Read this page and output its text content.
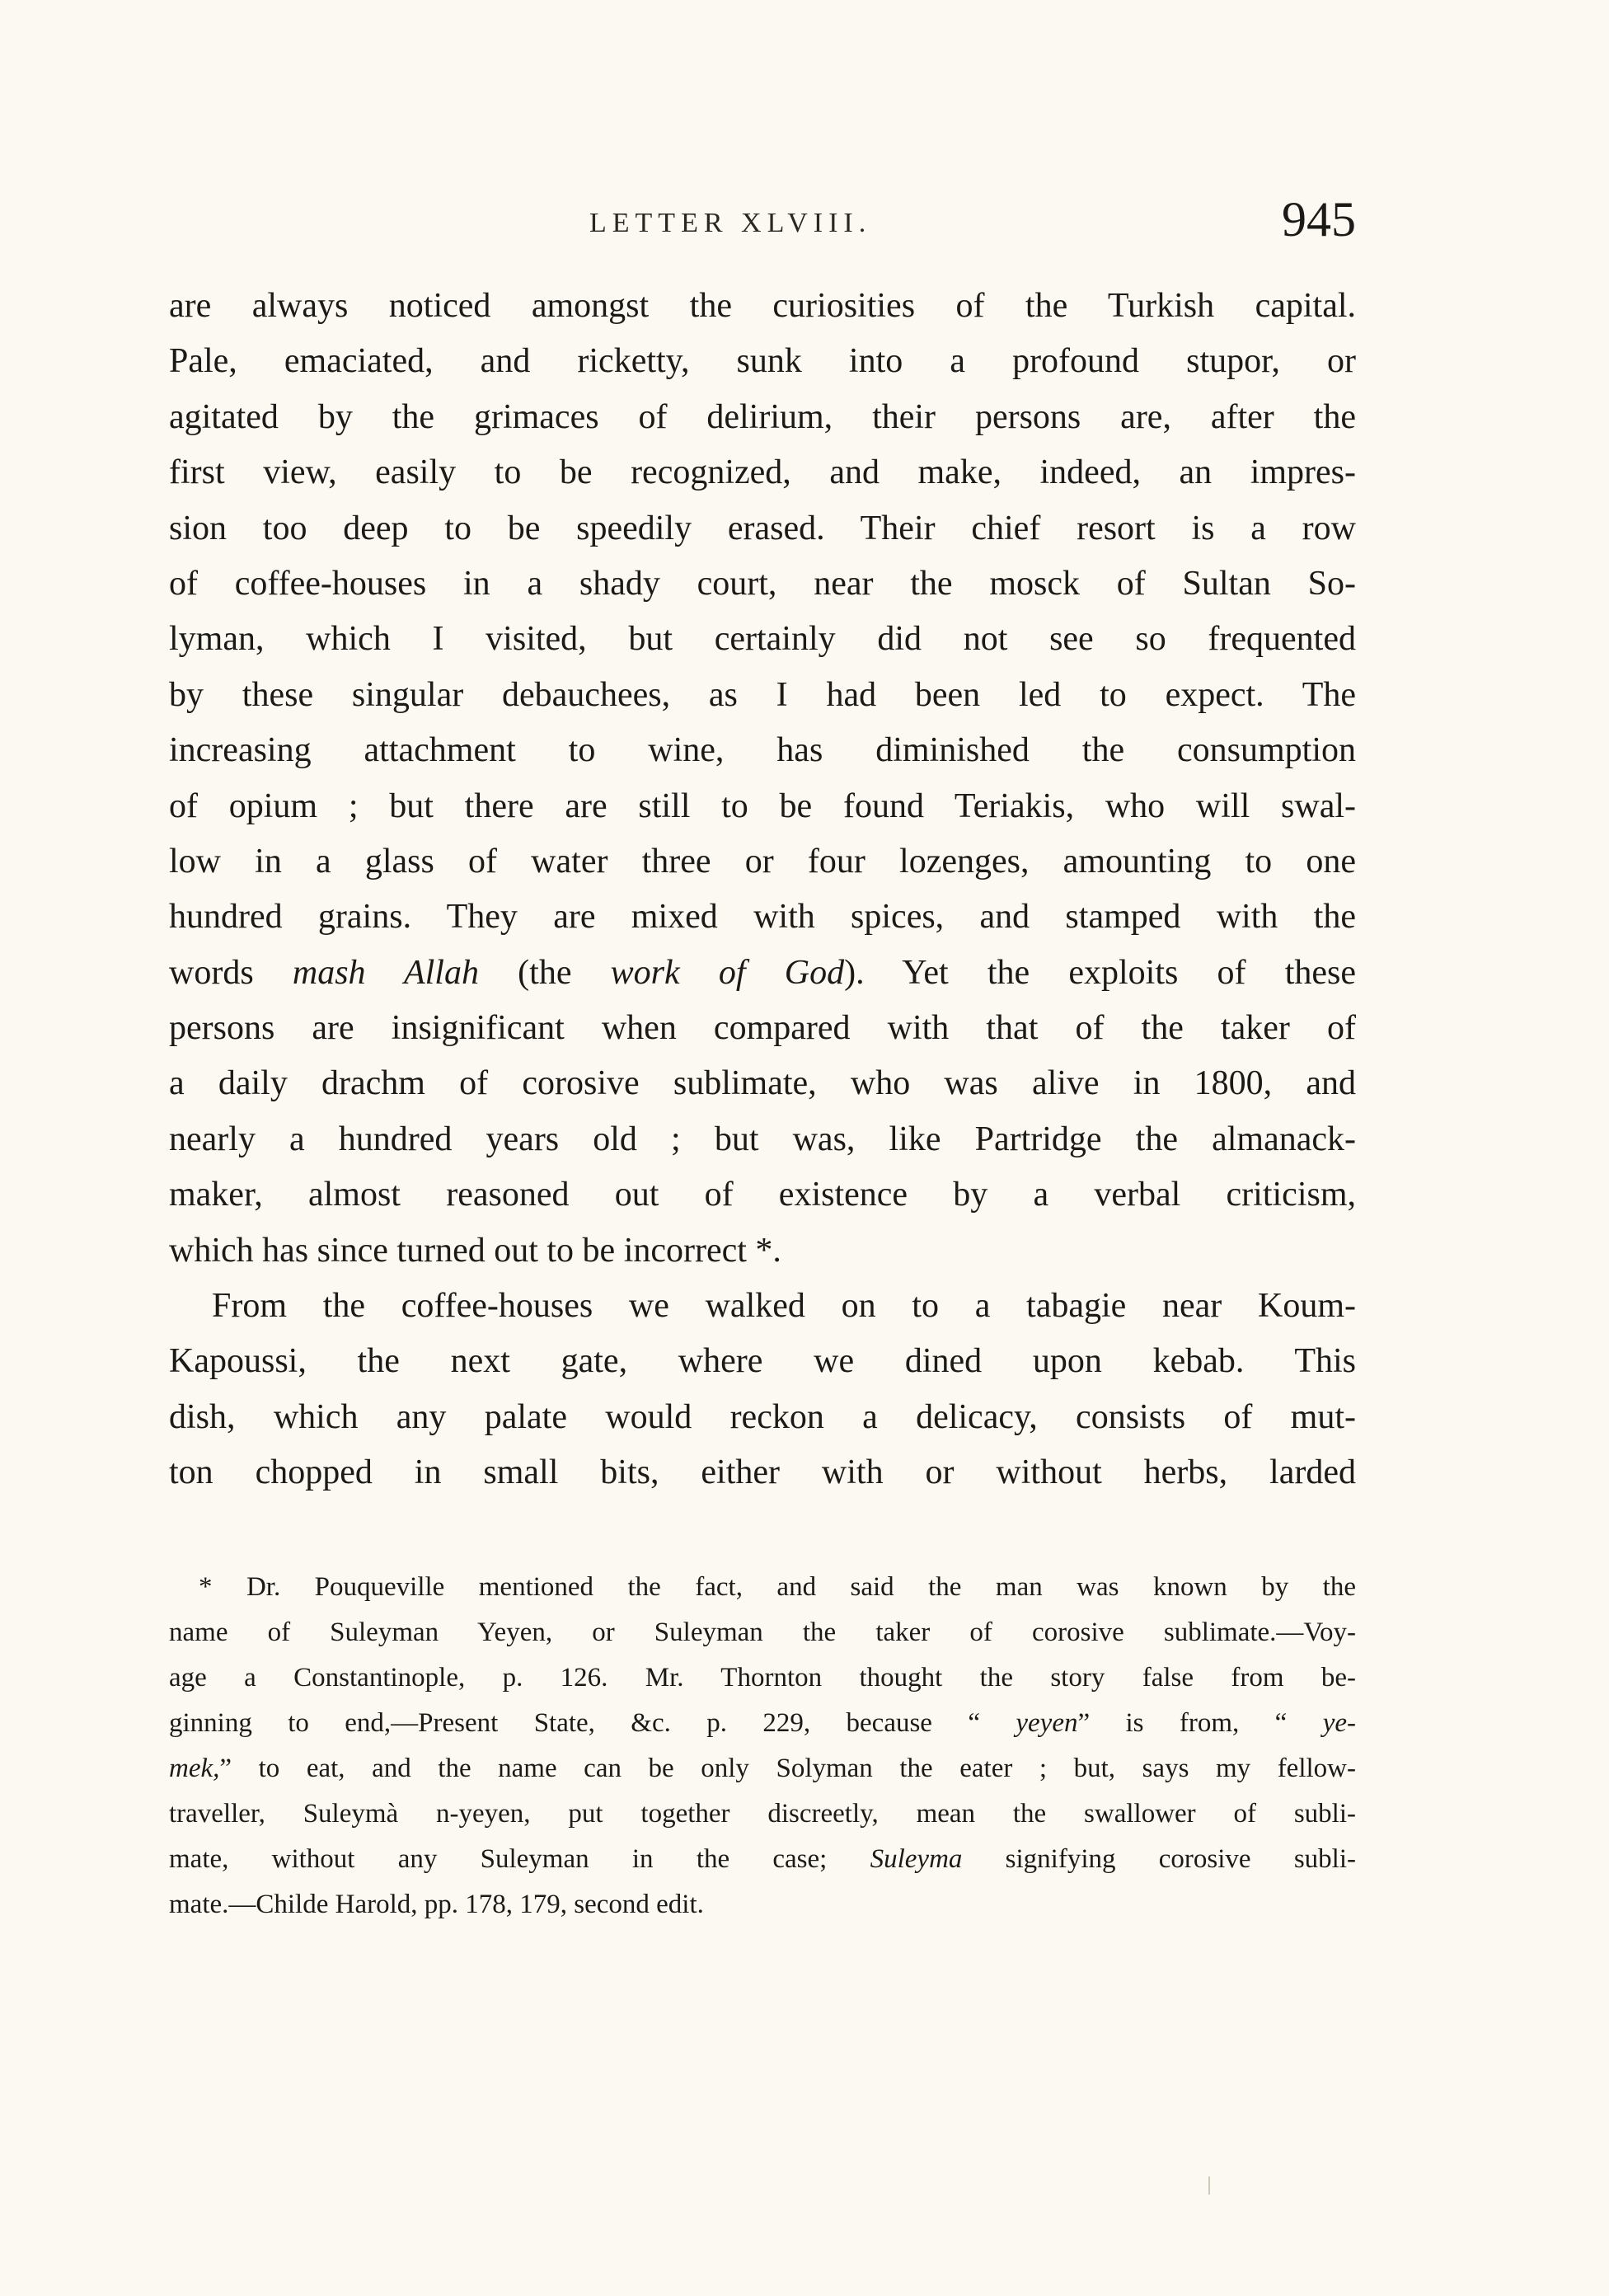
LETTER XLVIII.	945
are always noticed amongst the curiosities of the Turkish capital.
Pale, emaciated, and ricketty, sunk into a profound stupor, or
agitated by the grimaces of delirium, their persons are, after the
first view, easily to be recognized, and make, indeed, an impres-
sion too deep to be speedily erased. Their chief resort is a row
of coffee-houses in a shady court, near the mosck of Sultan So-
lyman, which I visited, but certainly did not see so frequented
by these singular debauchees, as I had been led to expect. The
increasing attachment to wine, has diminished the consumption
of opium ; but there are still to be found Teriakis, who will swal-
low in a glass of water three or four lozenges, amounting to one
hundred grains. They are mixed with spices, and stamped with the
words mash Allah (the work of God). Yet the exploits of these
persons are insignificant when compared with that of the taker of
a daily drachm of corosive sublimate, who was alive in 1800, and
nearly a hundred years old ; but was, like Partridge the almanack-
maker, almost reasoned out of existence by a verbal criticism,
which has since turned out to be incorrect *.
From the coffee-houses we walked on to a tabagie near Koum-
Kapoussi, the next gate, where we dined upon kebab. This
dish, which any palate would reckon a delicacy, consists of mut-
ton chopped in small bits, either with or without herbs, larded
* Dr. Pouqueville mentioned the fact, and said the man was known by the
name of Suleyman Yeyen, or Suleyman the taker of corosive sublimate.—Voy-
age a Constantinople, p. 126. Mr. Thornton thought the story false from be-
ginning to end,—Present State, &c. p. 229, because “ yeyen” is from, “ ye-
mek,” to eat, and the name can be only Solyman the eater ; but, says my fellow-
traveller, Suleymà n-yeyen, put together discreetly, mean the swallower of subli-
mate, without any Suleyman in the case; Suleyma signifying corosive subli-
mate.—Childe Harold, pp. 178, 179, second edit.
